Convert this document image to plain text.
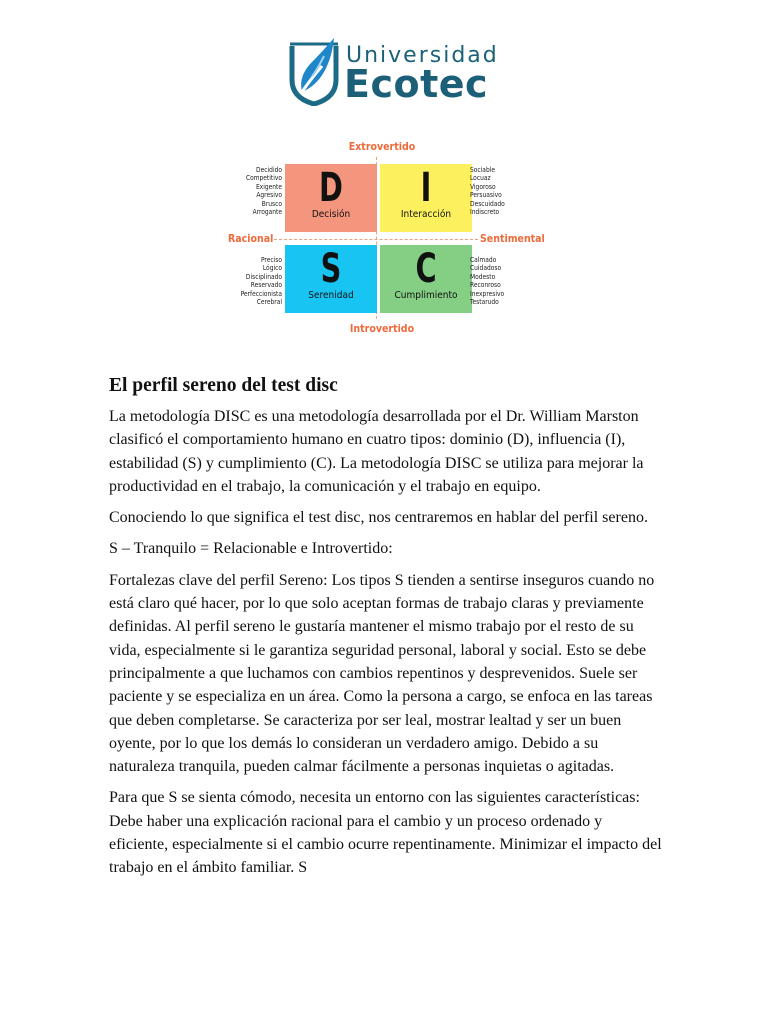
Universidad
Ecotec
Extrovertido
Introvertido
Racional	Sentimental
D
Decisión
I
Interacción
S
Serenidad
C
Cumplimiento
Decidido
Competitivo
Exigente
Agresivo
Brusco
Arrogante
Sociable
Locuaz
Vigoroso
Persuasivo
Descuidado
Indiscreto
Preciso
Lógico
Disciplinado
Reservado
Perfeccionista
Cerebral
Calmado
Cuidadoso
Modesto
Reconroso
Inexpresivo
Testarudo
El perfil sereno del test disc

La metodología DISC es una metodología desarrollada por el Dr. William Marston clasificó el comportamiento humano en cuatro tipos: dominio (D), influencia (I), estabilidad (S) y cumplimiento (C). La metodología DISC se utiliza para mejorar la productividad en el trabajo, la comunicación y el trabajo en equipo.

Conociendo lo que significa el test disc, nos centraremos en hablar del perfil sereno.

S – Tranquilo = Relacionable e Introvertido:

Fortalezas clave del perfil Sereno: Los tipos S tienden a sentirse inseguros cuando no está claro qué hacer, por lo que solo aceptan formas de trabajo claras y previamente definidas. Al perfil sereno le gustaría mantener el mismo trabajo por el resto de su vida, especialmente si le garantiza seguridad personal, laboral y social. Esto se debe principalmente a que luchamos con cambios repentinos y desprevenidos. Suele ser paciente y se especializa en un área. Como la persona a cargo, se enfoca en las tareas que deben completarse. Se caracteriza por ser leal, mostrar lealtad y ser un buen oyente, por lo que los demás lo consideran un verdadero amigo. Debido a su naturaleza tranquila, pueden calmar fácilmente a personas inquietas o agitadas.

Para que S se sienta cómodo, necesita un entorno con las siguientes características: Debe haber una explicación racional para el cambio y un proceso ordenado y eficiente, especialmente si el cambio ocurre repentinamente. Minimizar el impacto del trabajo en el ámbito familiar. S
